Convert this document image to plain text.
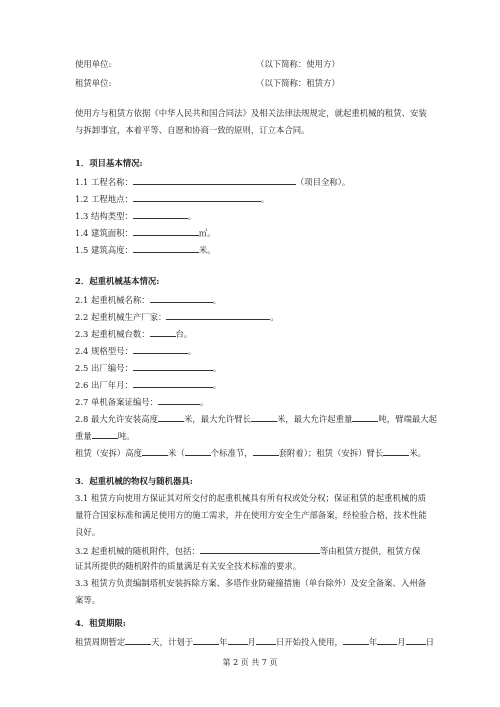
使用单位:	（以下简称：使用方）
租赁单位:	（以下简称：租赁方）
使用方与租赁方依据《中华人民共和国合同法》及相关法律法规规定，就起重机械的租赁、安装
与拆卸事宜，本着平等、自愿和协商一致的原则，订立本合同。
1．项目基本情况:
1.1 工程名称：	（项目全称）。
1.2 工程地点：	。
1.3 结构类型：	。
1.4 建筑面积：	㎡。
1.5 建筑高度：	米。
2．起重机械基本情况:
2.1 起重机械名称：	。
2.2 起重机械生产厂家：	。
2.3 起重机械台数：	台。
2.4 规格型号：	。
2.5 出厂编号：	。
2.6 出厂年月：	。
2.7 单机备案证编号：	。
2.8 最大允许安装高度	米，最大允许臂长	米，最大允许起重量	吨，臂端最大起
重量	吨。
租赁（安拆）高度	米（	个标准节，	套附着）；租赁（安拆）臂长	米。
3．起重机械的物权与随机器具:
3.1 租赁方向使用方保证其对所交付的起重机械具有所有权或处分权；保证租赁的起重机械的质
量符合国家标准和满足使用方的施工需求，并在使用方安全生产部备案，经检验合格，技术性能
良好。
3.2 起重机械的随机附件，包括：	等由租赁方提供，租赁方保
证其所提供的随机附件的质量满足有关安全技术标准的要求。
3.3 租赁方负责编制塔机安装拆除方案、多塔作业防碰撞措施（单台除外）及安全备案、入州备
案等。
4．租赁期限:
租赁周期暂定	天，计划于	年 月 日开始投入使用，	年 月 日
第 2 页 共 7 页
